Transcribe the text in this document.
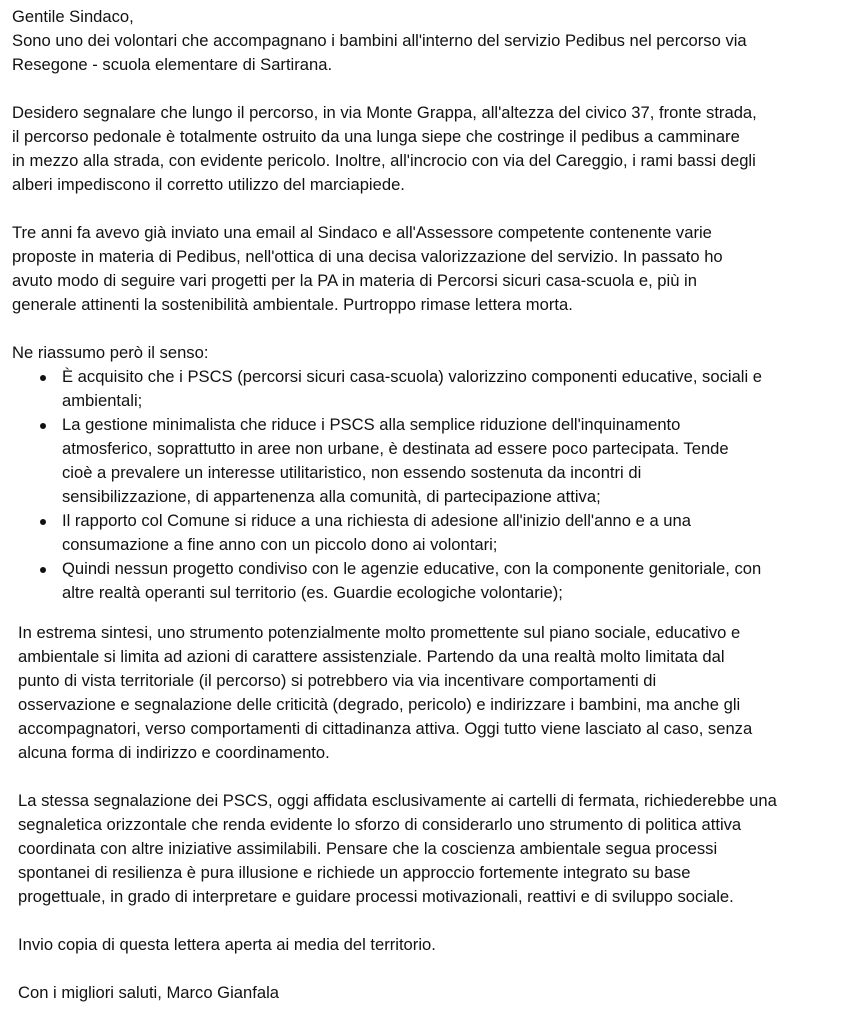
Gentile Sindaco,
Sono uno dei volontari che accompagnano i bambini all'interno del servizio Pedibus nel percorso via
Resegone - scuola elementare di Sartirana.
Desidero segnalare che lungo il percorso, in via Monte Grappa, all'altezza del civico 37, fronte strada,
il percorso pedonale è totalmente ostruito da una lunga siepe che costringe il pedibus a camminare
in mezzo alla strada, con evidente pericolo. Inoltre, all'incrocio con via del Careggio, i rami bassi degli
alberi impediscono il corretto utilizzo del marciapiede.
Tre anni fa avevo già inviato una email al Sindaco e all'Assessore competente contenente varie
proposte in materia di Pedibus, nell'ottica di una decisa valorizzazione del servizio. In passato ho
avuto modo di seguire vari progetti per la PA in materia di Percorsi sicuri casa-scuola e, più in
generale attinenti la sostenibilità ambientale. Purtroppo rimase lettera morta.
Ne riassumo però il senso:
È acquisito che i PSCS (percorsi sicuri casa-scuola) valorizzino componenti educative, sociali e
ambientali;
La gestione minimalista che riduce i PSCS alla semplice riduzione dell'inquinamento
atmosferico, soprattutto in aree non urbane, è destinata ad essere poco partecipata. Tende
cioè a prevalere un interesse utilitaristico, non essendo sostenuta da incontri di
sensibilizzazione, di appartenenza alla comunità, di partecipazione attiva;
Il rapporto col Comune si riduce a una richiesta di adesione all'inizio dell'anno e a una
consumazione a fine anno con un piccolo dono ai volontari;
Quindi nessun progetto condiviso con le agenzie educative, con la componente genitoriale, con
altre realtà operanti sul territorio (es. Guardie ecologiche volontarie);
In estrema sintesi, uno strumento potenzialmente molto promettente sul piano sociale, educativo e
ambientale si limita ad azioni di carattere assistenziale. Partendo da una realtà molto limitata dal
punto di vista territoriale (il percorso) si potrebbero via via incentivare comportamenti di
osservazione e segnalazione delle criticità (degrado, pericolo) e indirizzare i bambini, ma anche gli
accompagnatori, verso comportamenti di cittadinanza attiva. Oggi tutto viene lasciato al caso, senza
alcuna forma di indirizzo e coordinamento.
La stessa segnalazione dei PSCS, oggi affidata esclusivamente ai cartelli di fermata, richiederebbe una
segnaletica orizzontale che renda evidente lo sforzo di considerarlo uno strumento di politica attiva
coordinata con altre iniziative assimilabili. Pensare che la coscienza ambientale segua processi
spontanei di resilienza è pura illusione e richiede un approccio fortemente integrato su base
progettuale, in grado di interpretare e guidare processi motivazionali, reattivi e di sviluppo sociale.
Invio copia di questa lettera aperta ai media del territorio.
Con i migliori saluti, Marco Gianfala
